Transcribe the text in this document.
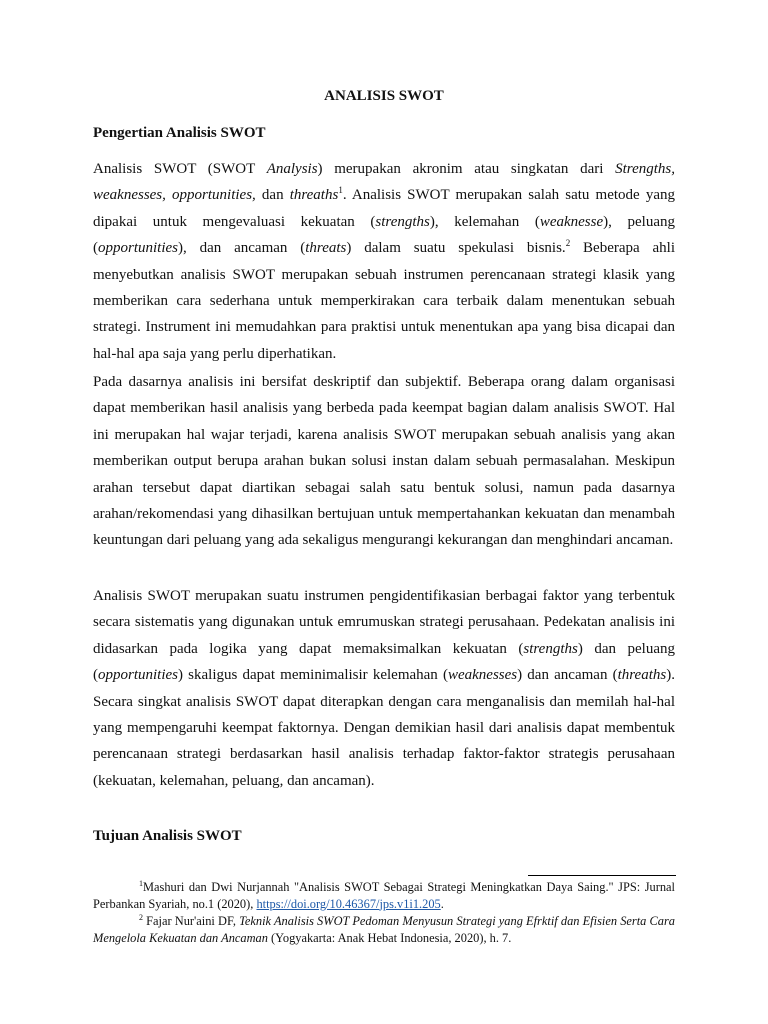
ANALISIS SWOT
Pengertian Analisis SWOT

Analisis SWOT (SWOT Analysis) merupakan akronim atau singkatan dari Strengths, weaknesses, opportunities, dan threaths$^1$. Analisis SWOT merupakan salah satu metode yang dipakai untuk mengevaluasi kekuatan (strengths), kelemahan (weaknesse), peluang (opportunities), dan ancaman (threats) dalam suatu spekulasi bisnis.$^2$ Beberapa ahli menyebutkan analisis SWOT merupakan sebuah instrumen perencanaan strategi klasik yang memberikan cara sederhana untuk memperkirakan cara terbaik dalam menentukan sebuah strategi. Instrument ini memudahkan para praktisi untuk menentukan apa yang bisa dicapai dan hal-hal apa saja yang perlu diperhatikan.

Pada dasarnya analisis ini bersifat deskriptif dan subjektif. Beberapa orang dalam organisasi dapat memberikan hasil analisis yang berbeda pada keempat bagian dalam analisis SWOT. Hal ini merupakan hal wajar terjadi, karena analisis SWOT merupakan sebuah analisis yang akan memberikan output berupa arahan bukan solusi instan dalam sebuah permasalahan. Meskipun arahan tersebut dapat diartikan sebagai salah satu bentuk solusi, namun pada dasarnya arahan/rekomendasi yang dihasilkan bertujuan untuk mempertahankan kekuatan dan menambah keuntungan dari peluang yang ada sekaligus mengurangi kekurangan dan menghindari ancaman.

Analisis SWOT merupakan suatu instrumen pengidentifikasian berbagai faktor yang terbentuk secara sistematis yang digunakan untuk emrumuskan strategi perusahaan. Pedekatan analisis ini didasarkan pada logika yang dapat memaksimalkan kekuatan (strengths) dan peluang (opportunities) skaligus dapat meminimalisir kelemahan (weaknesses) dan ancaman (threaths). Secara singkat analisis SWOT dapat diterapkan dengan cara menganalisis dan memilah hal-hal yang mempengaruhi keempat faktornya. Dengan demikian hasil dari analisis dapat membentuk perencanaan strategi berdasarkan hasil analisis terhadap faktor-faktor strategis perusahaan (kekuatan, kelemahan, peluang, dan ancaman).

Tujuan Analisis SWOT

$^1$Mashuri dan Dwi Nurjannah "Analisis SWOT Sebagai Strategi Meningkatkan Daya Saing." JPS: Jurnal Perbankan Syariah, no.1 (2020), https://doi.org/10.46367/jps.v1i1.205.

$^2$ Fajar Nur'aini DF, Teknik Analisis SWOT Pedoman Menyusun Strategi yang Efrktif dan Efisien Serta Cara Mengelola Kekuatan dan Ancaman (Yogyakarta: Anak Hebat Indonesia, 2020), h. 7.
